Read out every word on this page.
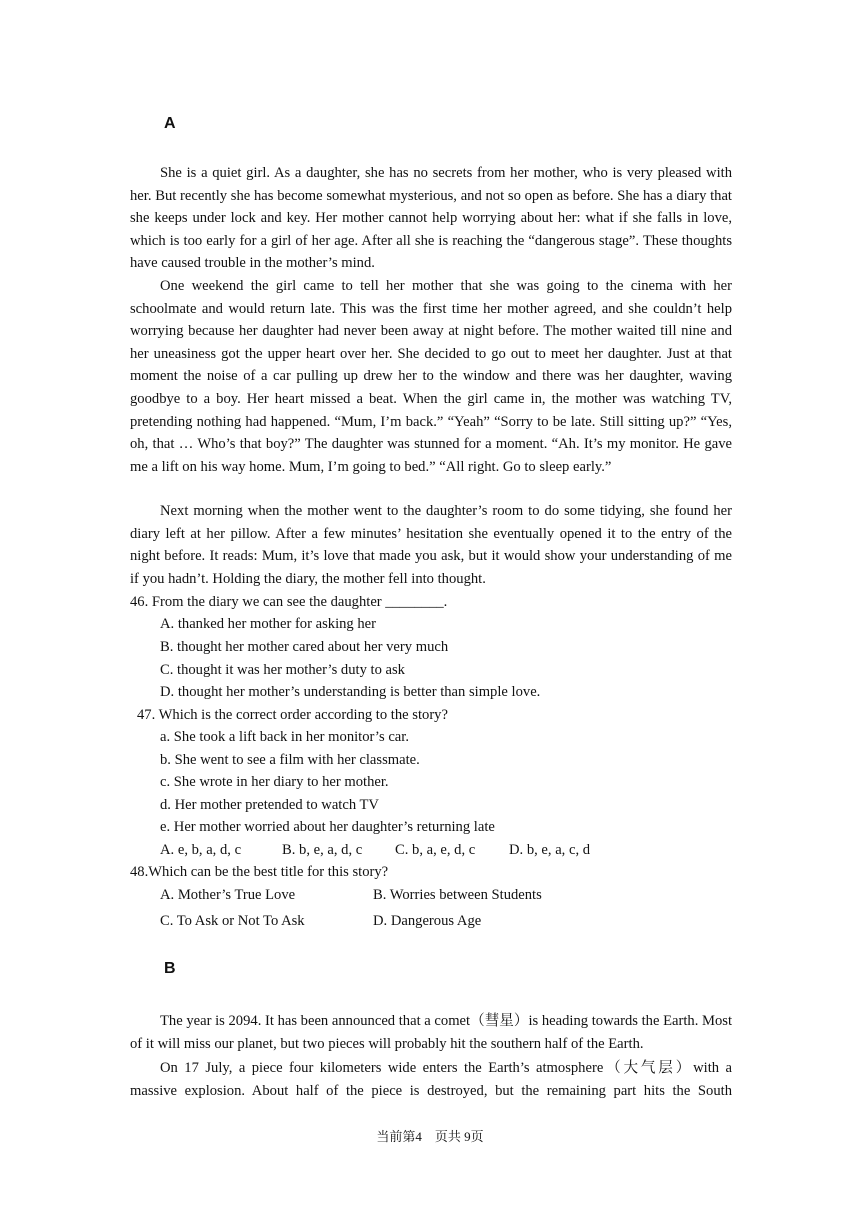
A

She is a quiet girl. As a daughter, she has no secrets from her mother, who is very pleased with her. But recently she has become somewhat mysterious, and not so open as before. She has a diary that she keeps under lock and key. Her mother cannot help worrying about her: what if she falls in love, which is too early for a girl of her age. After all she is reaching the “dangerous stage”. These thoughts have caused trouble in the mother’s mind.

One weekend the girl came to tell her mother that she was going to the cinema with her schoolmate and would return late. This was the first time her mother agreed, and she couldn’t help worrying because her daughter had never been away at night before. The mother waited till nine and her uneasiness got the upper heart over her. She decided to go out to meet her daughter. Just at that moment the noise of a car pulling up drew her to the window and there was her daughter, waving goodbye to a boy. Her heart missed a beat. When the girl came in, the mother was watching TV, pretending nothing had happened. “Mum, I’m back.” “Yeah” “Sorry to be late. Still sitting up?” “Yes, oh, that … Who’s that boy?” The daughter was stunned for a moment. “Ah. It’s my monitor. He gave me a lift on his way home. Mum, I’m going to bed.” “All right. Go to sleep early.”

Next morning when the mother went to the daughter’s room to do some tidying, she found her diary left at her pillow. After a few minutes’ hesitation she eventually opened it to the entry of the night before. It reads: Mum, it’s love that made you ask, but it would show your understanding of me if you hadn’t. Holding the diary, the mother fell into thought.

46. From the diary we can see the daughter ________.
A. thanked her mother for asking her
B. thought her mother cared about her very much
C. thought it was her mother’s duty to ask
D. thought her mother’s understanding is better than simple love.
47. Which is the correct order according to the story?
a. She took a lift back in her monitor’s car.
b. She went to see a film with her classmate.
c. She wrote in her diary to her mother.
d. Her mother pretended to watch TV
e. Her mother worried about her daughter’s returning late
A. e, b, a, d, c	B. b, e, a, d, c C. b, a, e, d, c D. b, e, a, c, d
48.Which can be the best title for this story?
A. Mother’s True Love	B. Worries between Students
C. To Ask or Not To Ask	D. Dangerous Age
B

The year is 2094. It has been announced that a comet（彗星）is heading towards the Earth. Most of it will miss our planet, but two pieces will probably hit the southern half of the Earth.

On 17 July, a piece four kilometers wide enters the Earth’s atmosphere（大气层）with a massive explosion. About half of the piece is destroyed, but the remaining part hits the South

当前第4　页共 9页
